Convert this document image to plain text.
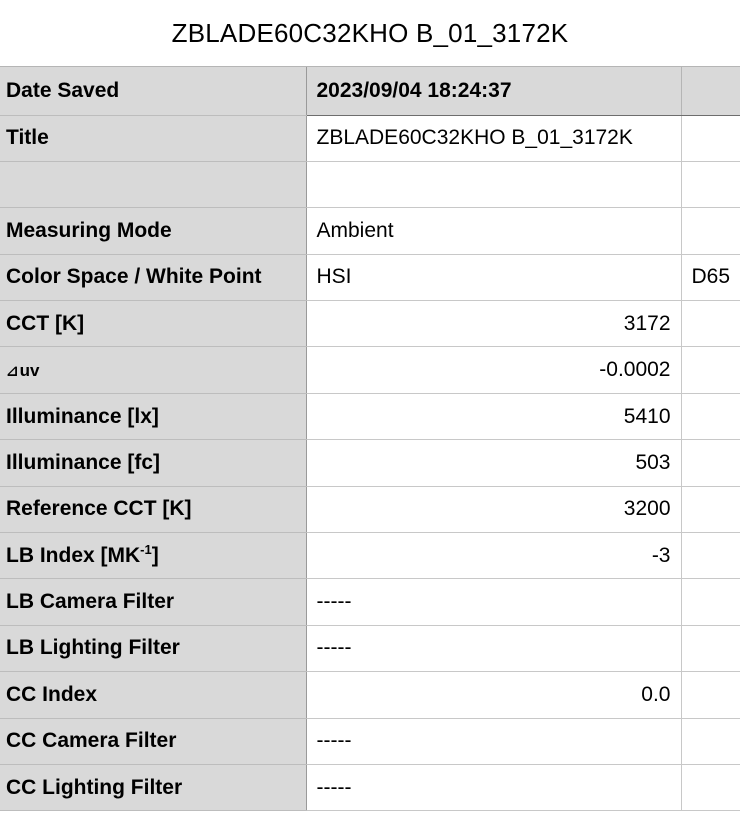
ZBLADE60C32KHO B_01_3172K
Date Saved	2023/09/04 18:24:37	
Title	ZBLADE60C32KHO B_01_3172K	

Measuring Mode	Ambient	
Color Space / White Point	HSI	D65
CCT [K]	3172	
⊿uv	-0.0002	
Illuminance [lx]	5410	
Illuminance [fc]	503	
Reference CCT [K]	3200	
LB Index $[MK^{-1}]$	-3	
LB Camera Filter	-----	
LB Lighting Filter	-----	
CC Index	0.0	
CC Camera Filter	-----	
CC Lighting Filter	-----	
